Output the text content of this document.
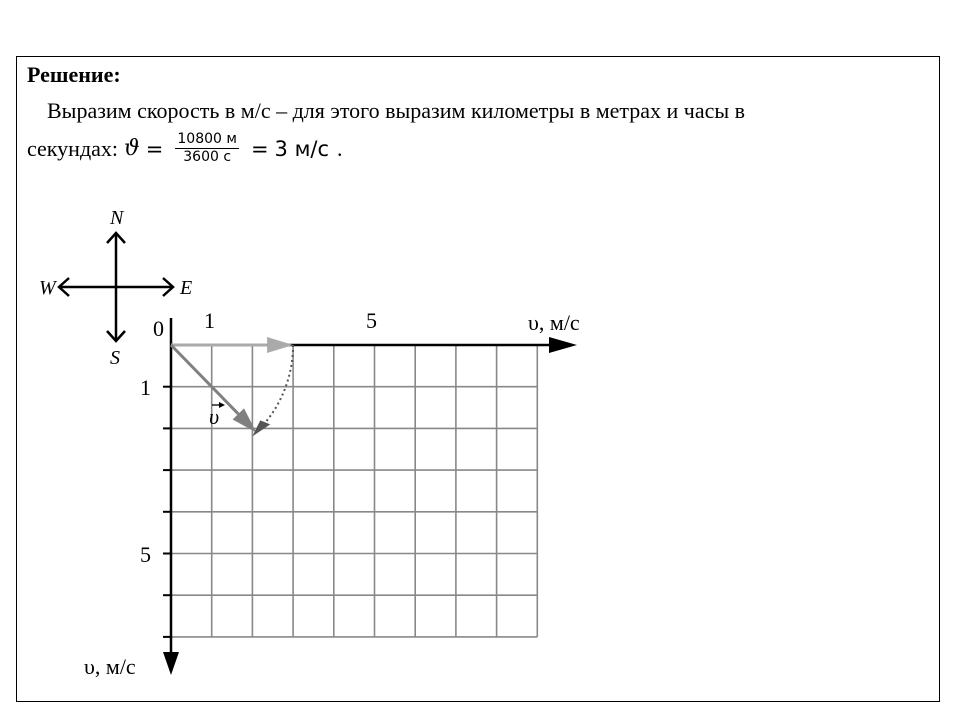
Решение:
Выразим скорость в м/с – для этого выразим километры в метрах и часы в
секундах: $ϑ = \frac{10800 м}{3600 с} = 3$ м/с .
N
S
W	E
0 1	5
1
5
υ, м/с
υ, м/с
υ
